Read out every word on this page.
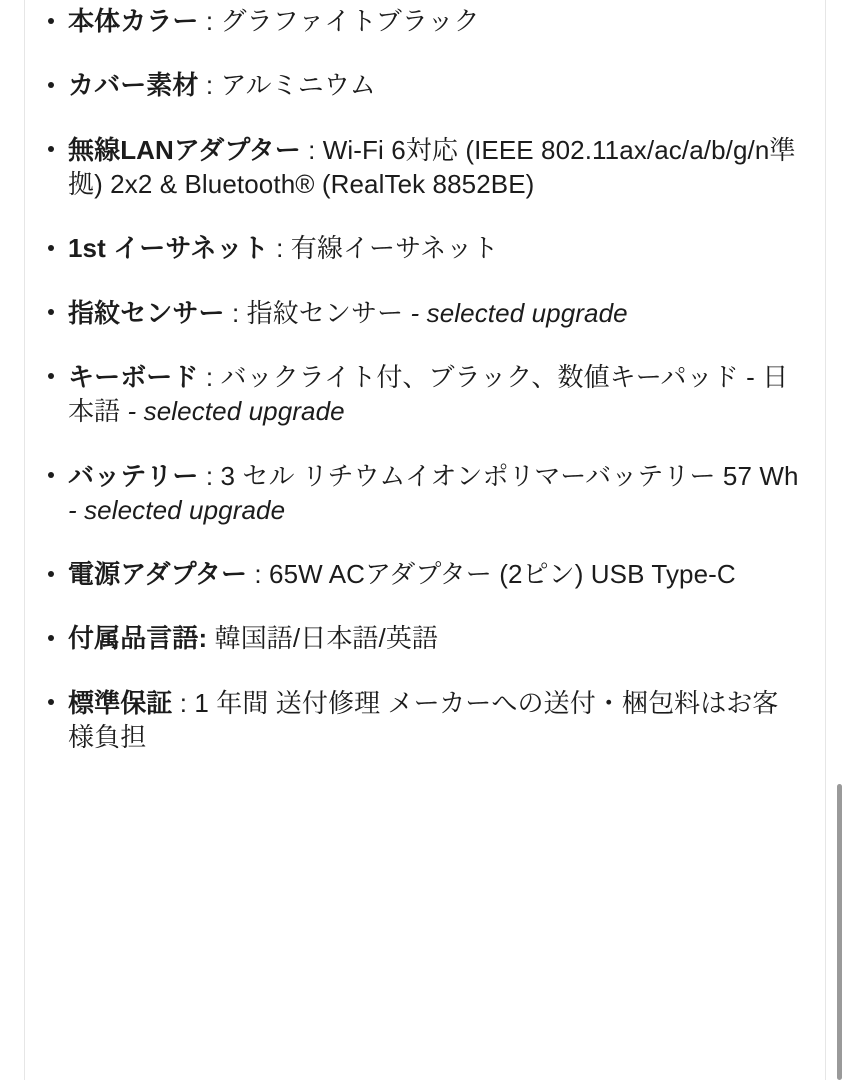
本体カラー : グラファイトブラック
カバー素材 : アルミニウム
無線LANアダプター : Wi-Fi 6対応 (IEEE 802.11ax/ac/a/b/g/n準拠) 2x2 & Bluetooth® (RealTek 8852BE)
1st イーサネット : 有線イーサネット
指紋センサー : 指紋センサー - selected upgrade
キーボード : バックライト付、ブラック、数値キーパッド - 日本語 - selected upgrade
バッテリー : 3 セル リチウムイオンポリマーバッテリー 57 Wh - selected upgrade
電源アダプター : 65W ACアダプター (2ピン) USB Type-C
付属品言語: 韓国語/日本語/英語
標準保証 : 1 年間 送付修理 メーカーへの送付・梱包料はお客様負担
